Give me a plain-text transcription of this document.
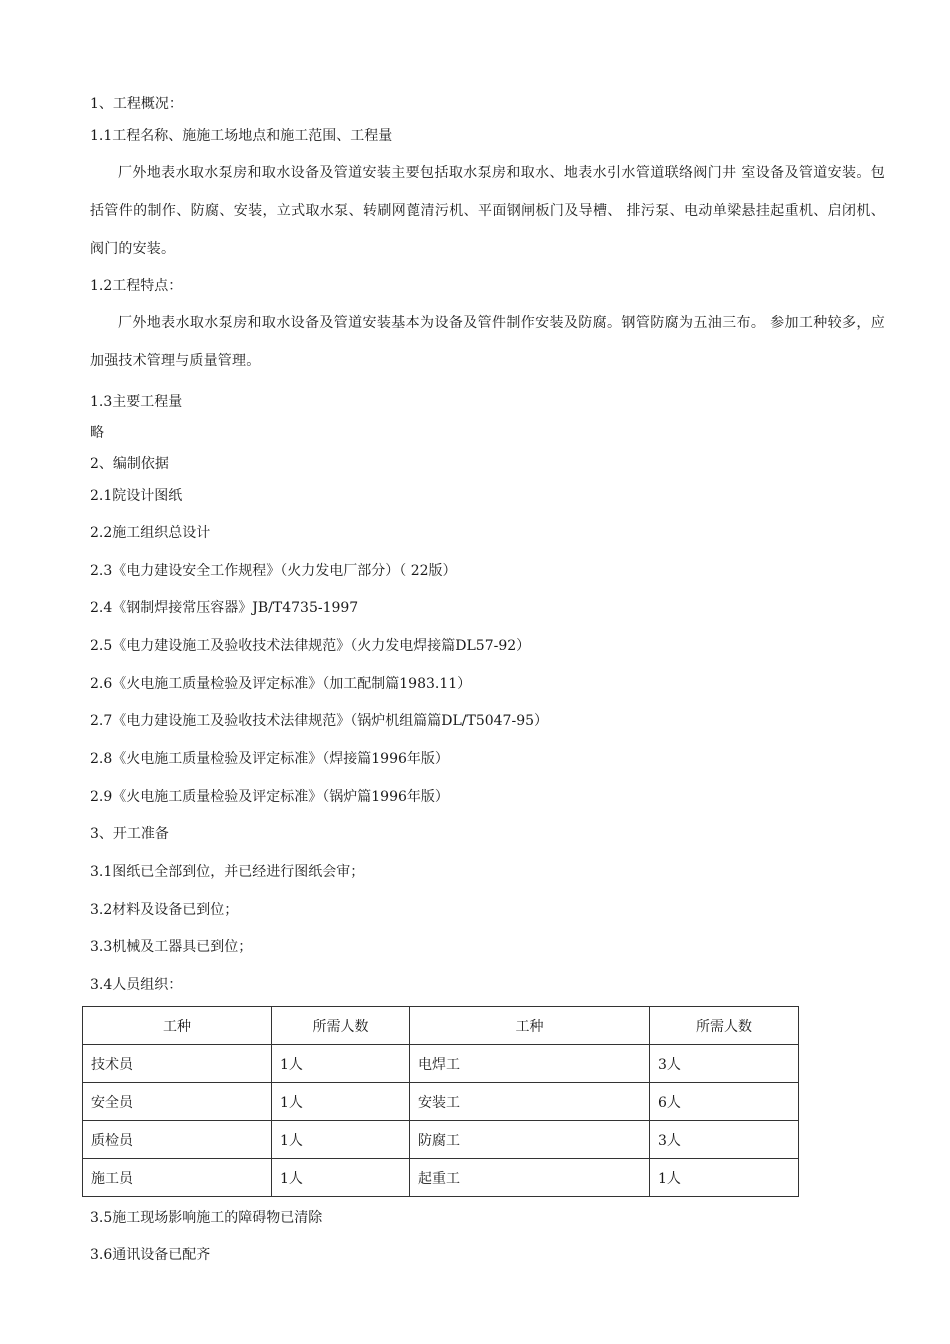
1、工程概况：
1.1工程名称、施施工场地点和施工范围、工程量
厂外地表水取水泵房和取水设备及管道安装主要包括取水泵房和取水、地表水引水管道联络阀门井 室设备及管道安装。包括管件的制作、防腐、安装，立式取水泵、转刷网蓖清污机、平面钢闸板门及导槽、 排污泵、电动单梁悬挂起重机、启闭机、阀门的安装。
1.2工程特点：
厂外地表水取水泵房和取水设备及管道安装基本为设备及管件制作安装及防腐。钢管防腐为五油三布。 参加工种较多，应加强技术管理与质量管理。
1.3主要工程量
略
2、编制依据
2.1院设计图纸
2.2施工组织总设计
2.3《电力建设安全工作规程》（火力发电厂部分）（ 22版）
2.4《钢制焊接常压容器》JB/T4735-1997
2.5《电力建设施工及验收技术法律规范》（火力发电焊接篇DL57-92）
2.6《火电施工质量检验及评定标准》（加工配制篇1983.11）
2.7《电力建设施工及验收技术法律规范》（锅炉机组篇篇DL/T5047-95）
2.8《火电施工质量检验及评定标准》（焊接篇1996年版）
2.9《火电施工质量检验及评定标准》（锅炉篇1996年版）
3、开工准备
3.1图纸已全部到位，并已经进行图纸会审；
3.2材料及设备已到位；
3.3机械及工器具已到位；
3.4人员组织：
工种	所需人数	工种	所需人数
技术员	1人	电焊工	3人
安全员	1人	安装工	6人
质检员	1人	防腐工	3人
施工员	1人	起重工	1人
3.5施工现场影响施工的障碍物已清除
3.6通讯设备已配齐
